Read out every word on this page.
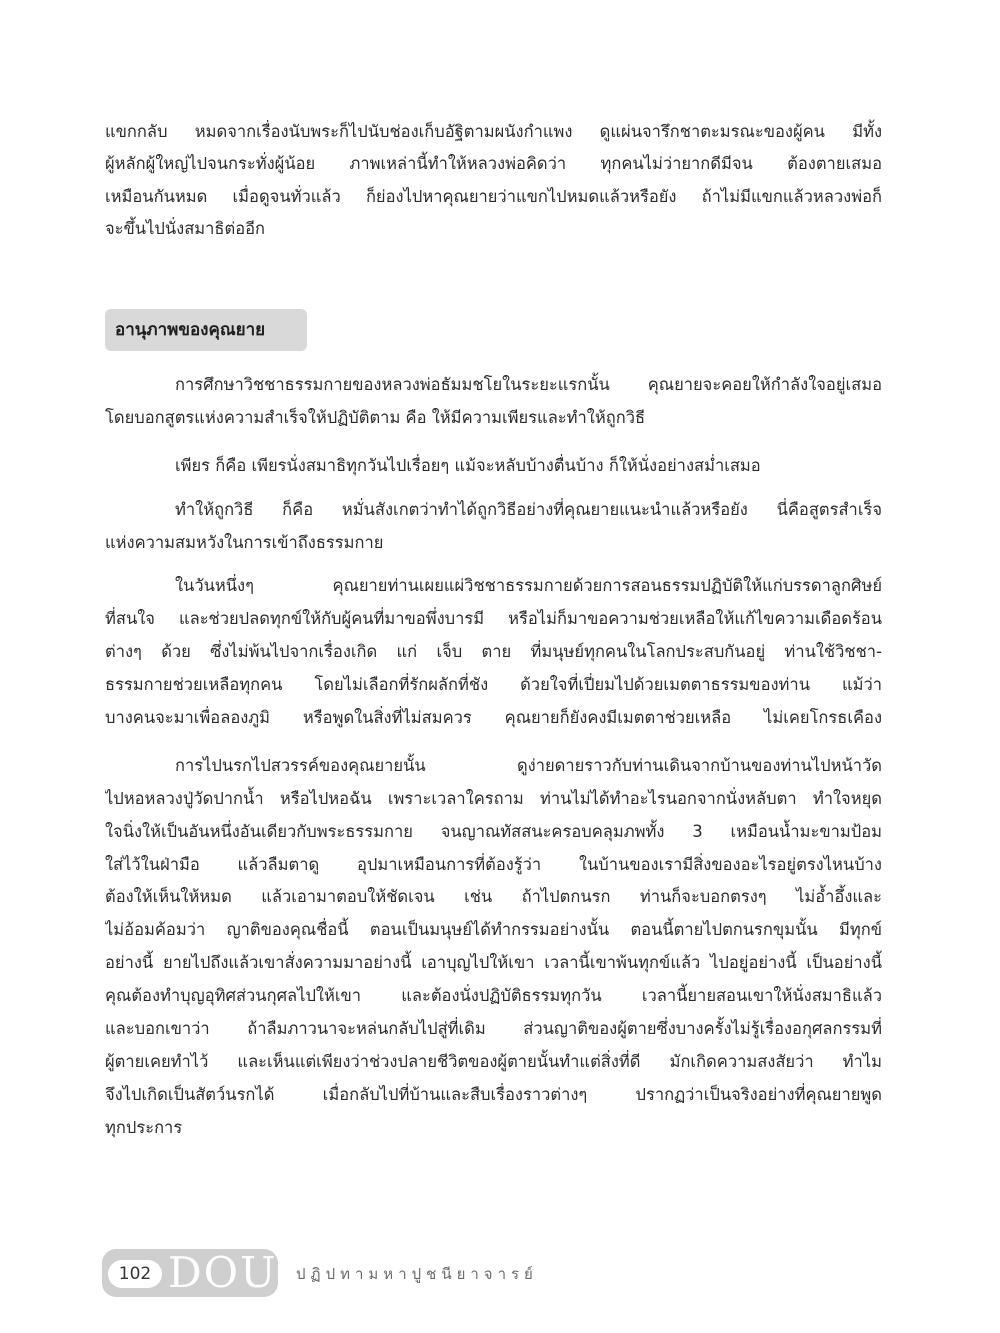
แขกกลับ หมดจากเรื่องนับพระก็ไปนับช่องเก็บอัฐิตามผนังกำแพง ดูแผ่นจารึกชาตะมรณะของผู้คน มีทั้ง
ผู้หลักผู้ใหญ่ไปจนกระทั่งผู้น้อย ภาพเหล่านี้ทำให้หลวงพ่อคิดว่า ทุกคนไม่ว่ายากดีมีจน ต้องตายเสมอ
เหมือนกันหมด เมื่อดูจนทั่วแล้ว ก็ย่องไปหาคุณยายว่าแขกไปหมดแล้วหรือยัง ถ้าไม่มีแขกแล้วหลวงพ่อก็
จะขึ้นไปนั่งสมาธิต่ออีก
อานุภาพของคุณยาย
การศึกษาวิชชาธรรมกายของหลวงพ่อธัมมชโยในระยะแรกนั้น คุณยายจะคอยให้กำลังใจอยู่เสมอ
โดยบอกสูตรแห่งความสำเร็จให้ปฏิบัติตาม คือ ให้มีความเพียรและทำให้ถูกวิธี
เพียร ก็คือ เพียรนั่งสมาธิทุกวันไปเรื่อยๆ แม้จะหลับบ้างตื่นบ้าง ก็ให้นั่งอย่างสม่ำเสมอ
ทำให้ถูกวิธี ก็คือ หมั่นสังเกตว่าทำได้ถูกวิธีอย่างที่คุณยายแนะนำแล้วหรือยัง นี่คือสูตรสำเร็จ
แห่งความสมหวังในการเข้าถึงธรรมกาย
ในวันหนึ่งๆ คุณยายท่านเผยแผ่วิชชาธรรมกายด้วยการสอนธรรมปฏิบัติให้แก่บรรดาลูกศิษย์
ที่สนใจ และช่วยปลดทุกข์ให้กับผู้คนที่มาขอพึ่งบารมี หรือไม่ก็มาขอความช่วยเหลือให้แก้ไขความเดือดร้อน
ต่างๆ ด้วย ซึ่งไม่พ้นไปจากเรื่องเกิด แก่ เจ็บ ตาย ที่มนุษย์ทุกคนในโลกประสบกันอยู่ ท่านใช้วิชชา-
ธรรมกายช่วยเหลือทุกคน โดยไม่เลือกที่รักผลักที่ชัง ด้วยใจที่เปี่ยมไปด้วยเมตตาธรรมของท่าน แม้ว่า
บางคนจะมาเพื่อลองภูมิ หรือพูดในสิ่งที่ไม่สมควร คุณยายก็ยังคงมีเมตตาช่วยเหลือ ไม่เคยโกรธเคือง
การไปนรกไปสวรรค์ของคุณยายนั้น ดูง่ายดายราวกับท่านเดินจากบ้านของท่านไปหน้าวัด
ไปหอหลวงปู่วัดปากน้ำ หรือไปหอฉัน เพราะเวลาใครถาม ท่านไม่ได้ทำอะไรนอกจากนั่งหลับตา ทำใจหยุด
ใจนิ่งให้เป็นอันหนึ่งอันเดียวกับพระธรรมกาย จนญาณทัสสนะครอบคลุมภพทั้ง 3 เหมือนน้ำมะขามป้อม
ใส่ไว้ในฝ่ามือ แล้วลืมตาดู อุปมาเหมือนการที่ต้องรู้ว่า ในบ้านของเรามีสิ่งของอะไรอยู่ตรงไหนบ้าง
ต้องให้เห็นให้หมด แล้วเอามาตอบให้ชัดเจน เช่น ถ้าไปตกนรก ท่านก็จะบอกตรงๆ ไม่อ้ำอึ้งและ
ไม่อ้อมค้อมว่า ญาติของคุณชื่อนี้ ตอนเป็นมนุษย์ได้ทำกรรมอย่างนั้น ตอนนี้ตายไปตกนรกขุมนั้น มีทุกข์
อย่างนี้ ยายไปถึงแล้วเขาสั่งความมาอย่างนี้ เอาบุญไปให้เขา เวลานี้เขาพ้นทุกข์แล้ว ไปอยู่อย่างนี้ เป็นอย่างนี้
คุณต้องทำบุญอุทิศส่วนกุศลไปให้เขา และต้องนั่งปฏิบัติธรรมทุกวัน เวลานี้ยายสอนเขาให้นั่งสมาธิแล้ว
และบอกเขาว่า ถ้าลืมภาวนาจะหล่นกลับไปสู่ที่เดิม ส่วนญาติของผู้ตายซึ่งบางครั้งไม่รู้เรื่องอกุศลกรรมที่
ผู้ตายเคยทำไว้ และเห็นแต่เพียงว่าช่วงปลายชีวิตของผู้ตายนั้นทำแต่สิ่งที่ดี มักเกิดความสงสัยว่า ทำไม
จึงไปเกิดเป็นสัตว์นรกได้ เมื่อกลับไปที่บ้านและสืบเรื่องราวต่างๆ ปรากฏว่าเป็นจริงอย่างที่คุณยายพูด
ทุกประการ
102 DOU ปฏิปทามหาปูชนียาจารย์
